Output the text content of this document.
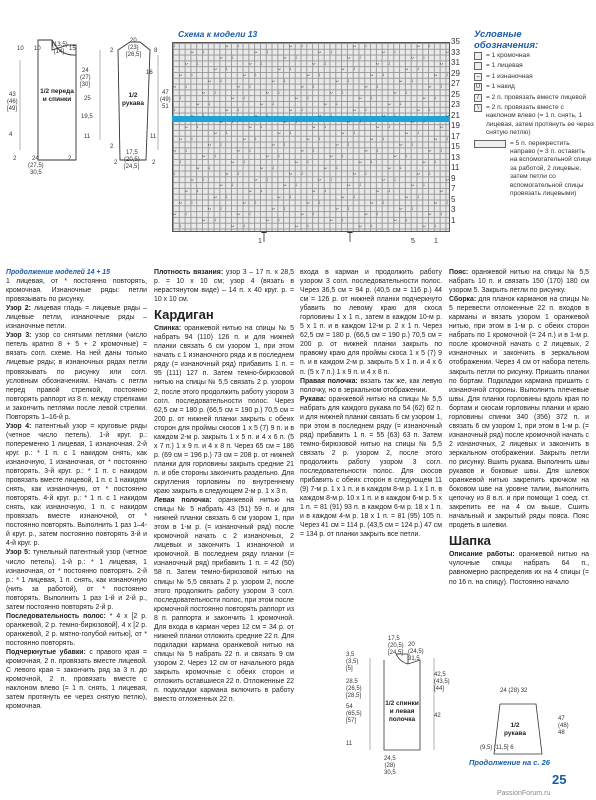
1/2 переда и спинки
1/2 рукава
10 10
(13,5)
[14] 15
43
(46)
[49]
24
(27)
[30]
25
19,5
11
4
24
(27,5)
30,5
2	2
20
(23)
[26,5]
2	8
16
47
(49)
51
2
11
17,5
(20,5)
[24,5]
2	2
Схема к модели 13
↓	ᴗ ↓	ᴗ ↓	ᴗ ↓	ᴗ ↓
ᴗ ↓	ᴗ ↓	ᴗ ↓	ᴗ ↓	ᴗ
ᴗ ↓	ᴗ ↓	ᴗ ↓	ᴗ ↓
ᴗ ↓	ᴗ ↓	ᴗ ↓	ᴗ ↓	ᴗ
ᴗ ↓	ᴗ ↓	ᴗ ↓	ᴗ ↓
ᴗ ↓	ᴗ ↓	ᴗ ↓	ᴗ ↓	ᴗ ↓
ᴗ ↓	ᴗ ↓	ᴗ ↓	ᴗ ↓
ᴗ ↓	ᴗ ↓	ᴗ ↓	ᴗ ↓	ᴗ ↓
ᴗ ↓	ᴗ ↓	ᴗ ↓	ᴗ ↓
↓	ᴗ ↓	ᴗ ↓	ᴗ ↓	ᴗ ↓
ᴗ ↓	ᴗ ↓	ᴗ ↓	ᴗ ↓
↓	ᴗ ↓	ᴗ ↓	ᴗ ↓	ᴗ ↓
ᴗ ↓	ᴗ ↓	ᴗ ↓	ᴗ ↓	ᴗ
ᴗ ↓	ᴗ ↓	ᴗ ↓	ᴗ ↓
ᴗ ↓	ᴗ ↓	ᴗ ↓	ᴗ ↓	ᴗ
ᴗ ↓	ᴗ ↓	ᴗ ↓	ᴗ ↓
ᴗ ↓	ᴗ ↓	ᴗ ↓	ᴗ ↓	ᴗ ↓
ᴗ ↓	ᴗ ↓	ᴗ ↓	ᴗ ↓
ᴗ ↓	ᴗ ↓	ᴗ ↓	ᴗ ↓	ᴗ ↓
ᴗ ↓	ᴗ ↓	ᴗ ↓	ᴗ ↓
↓	ᴗ ↓	ᴗ ↓	ᴗ ↓	ᴗ ↓
ᴗ ↓	ᴗ ↓	ᴗ ↓	ᴗ ↓
↓	ᴗ ↓	ᴗ ↓	ᴗ ↓	ᴗ ↓
ᴗ ↓	ᴗ ↓	ᴗ ↓	ᴗ ↓	ᴗ
ᴗ ↓	ᴗ ↓	ᴗ ↓	ᴗ ↓
ᴗ ↓	ᴗ ↓	ᴗ ↓	ᴗ ↓	ᴗ
ᴗ ↓	ᴗ ↓	ᴗ ↓	ᴗ ↓
ᴗ ↓	ᴗ ↓	ᴗ ↓	ᴗ ↓	ᴗ ↓
ᴗ ↓	ᴗ ↓	ᴗ ↓	ᴗ ↓
ᴗ ↓	ᴗ ↓	ᴗ ↓	ᴗ ↓	ᴗ ↓
ᴗ ↓	ᴗ ↓	ᴗ ↓	ᴗ ↓
↓	ᴗ ↓	ᴗ ↓	ᴗ ↓	ᴗ ↓
35
33
31
29
27
25
23
21
19
17
15
13
11
9
7
5
3
1
1
5
1
Условные
обозначения:
= 1 кромочная
= 1 лицевая
– = 1 изнаночная
U = 1 накид
/	= 2 п. провязать вместе лицевой
\	= 2 п. провязать вместе с наклоном влево (= 1 п. снять, 1 лицевая, затем протянуть ее через снятую петлю)
= 5 п. перекрестить направо (= 3 п. оставить на вспомогательной спице за работой, 2 лицевые, затем петли со вспомогательной спицы провязать лицевыми)

Продолжение моделей 14 + 15

1 лицевая, от * постоянно повторять, кромочная. Изнаночные ряды: петли провязывать по рисунку.

Узор 2: лицевая гладь = лицевые ряды – лицевые петли, изнаночные ряды – изнаночные петли.

Узор 3: узор со снятыми петлями (число петель кратно 8 + 5 + 2 кромочные) = вязать согл. схеме. На ней даны только лицевые ряды; в изнаночных рядах петли провязывать по рисунку или согл. условным обозначениям. Начать с петли перед правой стрелкой, постоянно повторять раппорт из 8 п. между стрелками и закончить петлями после левой стрелки. Повторять 1–16-й р.

Узор 4: патентный узор = круговые ряды (четное число петель). 1-й круг. р.: попеременно 1 лицевая, 1 изнаночная. 2-й круг. р.: * 1 п. с 1 накидом снять, как изнаночную, 1 изнаночная, от * постоянно повторять. 3-й круг. р.: * 1 п. с накидом провязать вместе лицевой, 1 п. с 1 накидом снять, как изнаночную, от * постоянно повторять. 4-й круг. р.: * 1 п. с 1 накидом снять, как изнаночную, 1 п. с накидом провязать вместе изнаночной, от * постоянно повторять. Выполнить 1 раз 1–4-й круг. р., затем постоянно повторять 3-й и 4-й круг. р.

Узор 5: тунельный патентный узор (четное число петель). 1-й р.: * 1 лицевая, 1 изнаночная, от * постоянно повторять. 2-й р.: * 1 лицевая, 1 п. снять, как изнаночную (нить за работой), от * постоянно повторять. Выполнить 1 раз 1-й и 2-й р., затем постоянно повторять 2-й р.

Последовательность полос: * 4 х [2 р. оранжевой, 2 р. темно-бирюзовой], 4 х [2 р. оранжевой, 2 р. мятно-голубой нитью], от * постоянно повторять.

Подчеркнутые убавки: с правого края = кромочная, 2 п. провязать вместе лицевой. С левого края = закончить ряд за 3 п. до кромочной, 2 п. провязать вместе с наклоном влево (= 1 п. снять, 1 лицевая, затем протянуть ее через снятую петлю), кромочная.

Плотность вязания: узор 3 – 17 п. х 28,5 р. = 10 х 10 см; узор 4 (вязать в нерастянутом виде) – 14 п. х 40 круг. р. = 10 х 10 см.

Кардиган

Спинка: оранжевой нитью на спицы № 5 набрать 94 (110) 126 п. и для нижней планки связать 6 см узором 1, при этом начать с 1 изнаночного ряда и в последнем ряду (= изнаночный ряд) прибавить 1 п. = 95 (111) 127 п. Затем темно-бирюзовой нитью на спицы № 5,5 связать 2 р. узором 2, после этого продолжить работу узором 3 согл. последовательности полос. Через 62,5 см = 180 р. (66,5 см = 190 р.) 70,5 см = 200 р. от нижней планки закрыть с обеих сторон для проймы скосов 1 х 5 (7) 9 п. и в каждом 2-м р. закрыть 1 х 5 п. и 4 х 6 п. (5 х 7 п.) 1 х 9 п. и 4 х 8 п. Через 65 см = 186 р. (69 см = 196 р.) 73 см = 208 р. от нижней планки для горловины закрыть средние 21 п. и обе стороны закончить раздельно. Для скругления горловины по внутреннему краю закрыть в следующем 2-м р. 1 х 3 п.

Левая полочка: оранжевой нитью на спицы № 5 набрать 43 (51) 59 п. и для нижней планки связать 6 см узором 1, при этом в 1-м р. (= изнаночный ряд) после кромочной начать с 2 изнаночных, 2 лицевых и закончить 1 изнаночной и кромочной. В последнем ряду планки (= изнаночный ряд) прибавить 1 п. = 42 (50) 58 п. Затем темно-бирюзовой нитью на спицы № 5,5 связать 2 р. узором 2, после этого продолжить работу узором 3 согл. последовательности полос, при этом после кромочной постоянно повторять раппорт из 8 п. раппорта и закончить 1 кромочной. Для входа в карман через 12 см = 34 р. от нижней планки отложить средние 22 п. Для подкладки кармана оранжевой нитью на спицы № 5 набрать 22 п. и связать 9 см узором 2. Через 12 см от начального ряда закрыть кромочные с обеих сторон и отложить оставшиеся 22 п. Отложенные 22 п. подкладки кармана включить в работу вместо отложенных 22 п.

входа в карман и продолжить работу узором 3 согл. последовательности полос. Через 36,5 см = 94 р. (40,5 см = 116 р.) 44 см = 126 р. от нижней планки подчеркнуто убавить по левому краю для скоса горловины 1 х 1 п., затем в каждом 10-м р. 5 х 1 п. и в каждом 12-м р. 2 х 1 п. Через 62,5 см = 180 р. (66,5 см = 190 р.) 70,5 см = 200 р. от нижней планки закрыть по правому краю для проймы скоса 1 х 5 (7) 9 п. и в каждом 2-м р. закрыть 5 х 1 п. и 4 х 6 п. (5 х 7 п.) 1 х 9 п. и 4 х 8 п.

Правая полочка: вязать так же, как левую полочку, но в зеркальном отображении.

Рукава: оранжевой нитью на спицы № 5,5 набрать для каждого рукава по 54 (62) 62 п. и для нижней планки связать 6 см узором 1, при этом в последнем ряду (= изнаночный ряд) прибавить 1 п. = 55 (63) 63 п. Затем темно-бирюзовой нитью на спицы № 5,5 связать 2 р. узором 2, после этого продолжить работу узором 3 согл. последовательности полос. Для скосов прибавить с обеих сторон в следующем 11 (9) 7-м р. 1 х 1 п. и в каждом 8-м р. 1 х 1 п. в каждом 8-м р. 10 х 1 п. и в каждом 6-м р. 5 х 1 п. = 81 (91) 93 п. в каждом 6-м р. 18 х 1 п. и в каждом 4-м р. 18 х 1 п. = 81 (95) 105 п. Через 41 см = 114 р. (43,5 см = 124 р.) 47 см = 134 р. от планки закрыть все петли.

Пояс: оранжевой нитью на спицы № 5,5 набрать 10 п. и связать 150 (170) 180 см узором 5. Закрыть петли по рисунку.

Сборка: для планок карманов на спицы № 5 перевести отложенные 22 п. входов в карманы и вязать узором 1 оранжевой нитью, при этом в 1-м р. с обеих сторон набрать по 1 кромочной (= 24 п.) и в 1-м р. после кромочной начать с 2 лицевых, 2 изнаночных и закончить в зеркальном отображении. Через 4 см от набора петель закрыть петли по рисунку. Пришить планки по бортам. Подкладки кармана пришить с изнаночной стороны. Выполнить плечевые швы. Для планки горловины вдоль края по бортам и скосам горловины планки и краю горловины спинки 340 (356) 372 п. и связать 6 см узором 1, при этом в 1-м р. (= изнаночный ряд) после кромочной начать с 2 изнаночных, 2 лицевых и закончить в зеркальном отображении. Закрыть петли по рисунку. Вшить рукава. Выполнить швы рукавов и боковые швы. Для шлевок оранжевой нитью закрепить крючком на боковом шве на уровне талии, выполнить цепочку из 8 в.п. и при помощи 1 соед. ст. закрепить ее на 4 см выше. Сшить начальный и закрытый ряды пояса. Пояс продеть в шлевки.

Шапка

Описание работы: оранжевой нитью на чулочные спицы набрать 64 п., равномерно распределив их на 4 спицы (= по 16 п. на спицу). Постоянно начало

1/2 спинки и левая полочка
1/2 рукава
3,5
(3,5)
[5]
28,5
(26,5)
[28,5]
54
(65,5)
[57]
11
17,5
(20,5)
[24,5]
20
(24,5)
31,5
42,5
(43,5)
[44]
42
24,5
(28)
30,5
24 (28) 32
47
(48)
48
(9,5) [11,5] 6
Продолжение на с. 26
25
PassionForum.ru
